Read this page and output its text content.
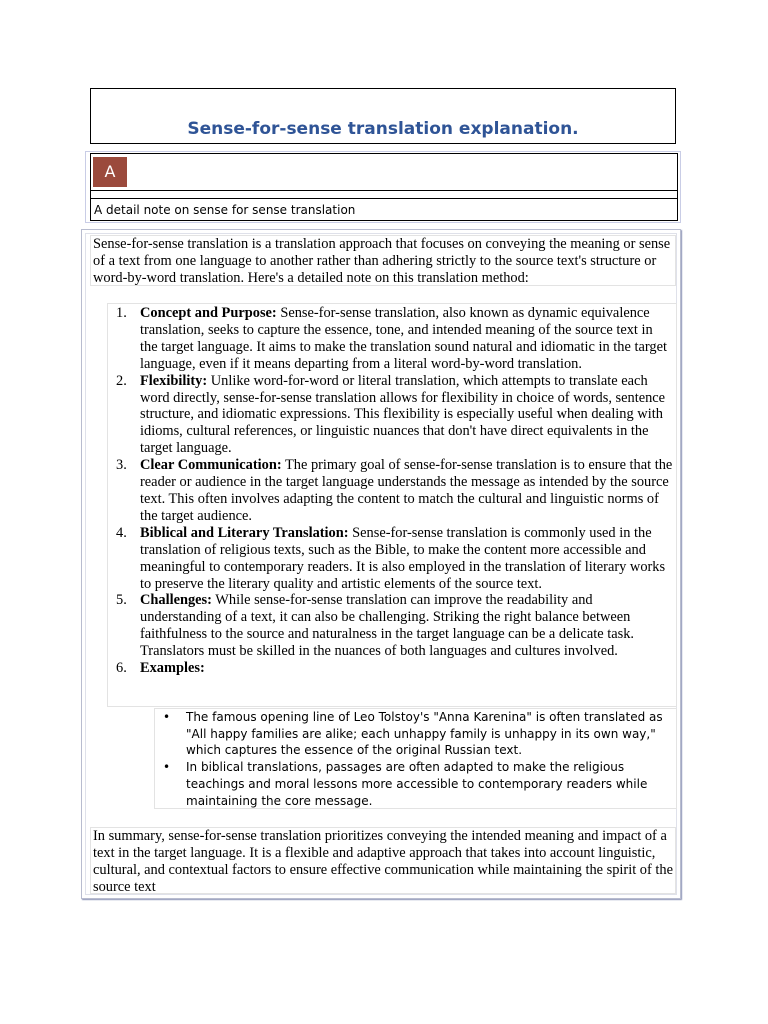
Sense-for-sense translation explanation.
A
A detail note on sense for sense translation
Sense-for-sense translation is a translation approach that focuses on conveying the meaning or sense of a text from one language to another rather than adhering strictly to the source text's structure or word-by-word translation. Here's a detailed note on this translation method:
1. Concept and Purpose: Sense-for-sense translation, also known as dynamic equivalence translation, seeks to capture the essence, tone, and intended meaning of the source text in the target language. It aims to make the translation sound natural and idiomatic in the target language, even if it means departing from a literal word-by-word translation.
2. Flexibility: Unlike word-for-word or literal translation, which attempts to translate each word directly, sense-for-sense translation allows for flexibility in choice of words, sentence structure, and idiomatic expressions. This flexibility is especially useful when dealing with idioms, cultural references, or linguistic nuances that don't have direct equivalents in the target language.
3. Clear Communication: The primary goal of sense-for-sense translation is to ensure that the reader or audience in the target language understands the message as intended by the source text. This often involves adapting the content to match the cultural and linguistic norms of the target audience.
4. Biblical and Literary Translation: Sense-for-sense translation is commonly used in the translation of religious texts, such as the Bible, to make the content more accessible and meaningful to contemporary readers. It is also employed in the translation of literary works to preserve the literary quality and artistic elements of the source text.
5. Challenges: While sense-for-sense translation can improve the readability and understanding of a text, it can also be challenging. Striking the right balance between faithfulness to the source and naturalness in the target language can be a delicate task. Translators must be skilled in the nuances of both languages and cultures involved.
6. Examples:
• The famous opening line of Leo Tolstoy's "Anna Karenina" is often translated as "All happy families are alike; each unhappy family is unhappy in its own way," which captures the essence of the original Russian text.
• In biblical translations, passages are often adapted to make the religious teachings and moral lessons more accessible to contemporary readers while maintaining the core message.
In summary, sense-for-sense translation prioritizes conveying the intended meaning and impact of a text in the target language. It is a flexible and adaptive approach that takes into account linguistic, cultural, and contextual factors to ensure effective communication while maintaining the spirit of the source text
